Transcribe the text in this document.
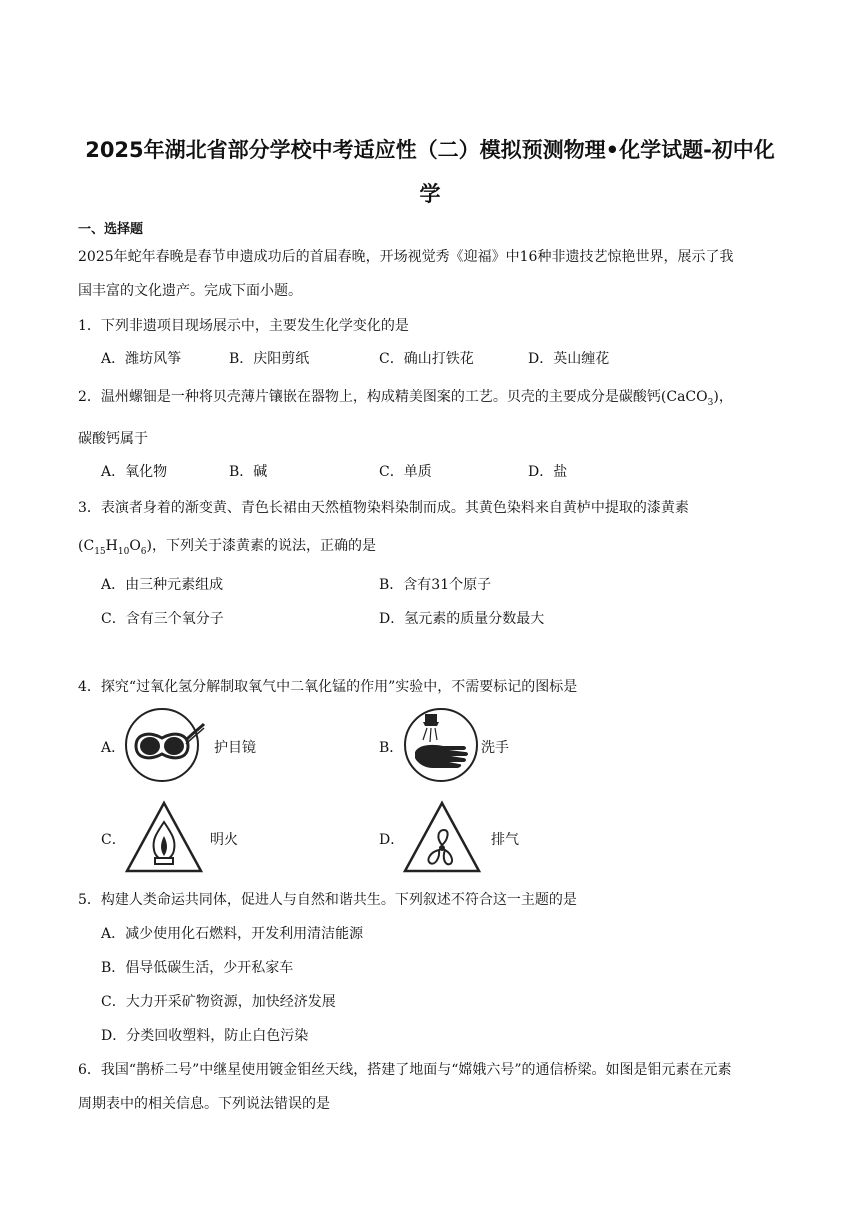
2025年湖北省部分学校中考适应性（二）模拟预测物理•化学试题-初中化
学
一、选择题
2025年蛇年春晚是春节申遗成功后的首届春晚，开场视觉秀《迎福》中16种非遗技艺惊艳世界，展示了我
国丰富的文化遗产。完成下面小题。
1．下列非遗项目现场展示中，主要发生化学变化的是
A．潍坊风筝	B．庆阳剪纸	C．确山打铁花	D．英山缠花
2．温州螺钿是一种将贝壳薄片镶嵌在器物上，构成精美图案的工艺。贝壳的主要成分是碳酸钙(CaCO$_3$)，
碳酸钙属于
A．氧化物	B．碱	C．单质	D．盐
3．表演者身着的渐变黄、青色长裙由天然植物染料染制而成。其黄色染料来自黄栌中提取的漆黄素
$(C_{15}H_{10}O_6)$，下列关于漆黄素的说法，正确的是
A．由三种元素组成	B．含有31个原子
C．含有三个氧分子	D．氢元素的质量分数最大
4．探究“过氧化氢分解制取氧气中二氧化锰的作用”实验中，不需要标记的图标是
A．	护目镜	B．	洗手
C．	明火	D．	排气
5．构建人类命运共同体，促进人与自然和谐共生。下列叙述不符合这一主题的是
A．减少使用化石燃料，开发利用清洁能源
B．倡导低碳生活，少开私家车
C．大力开采矿物资源，加快经济发展
D．分类回收塑料，防止白色污染
6．我国“鹊桥二号”中继星使用镀金钼丝天线，搭建了地面与“嫦娥六号”的通信桥梁。如图是钼元素在元素
周期表中的相关信息。下列说法错误的是
